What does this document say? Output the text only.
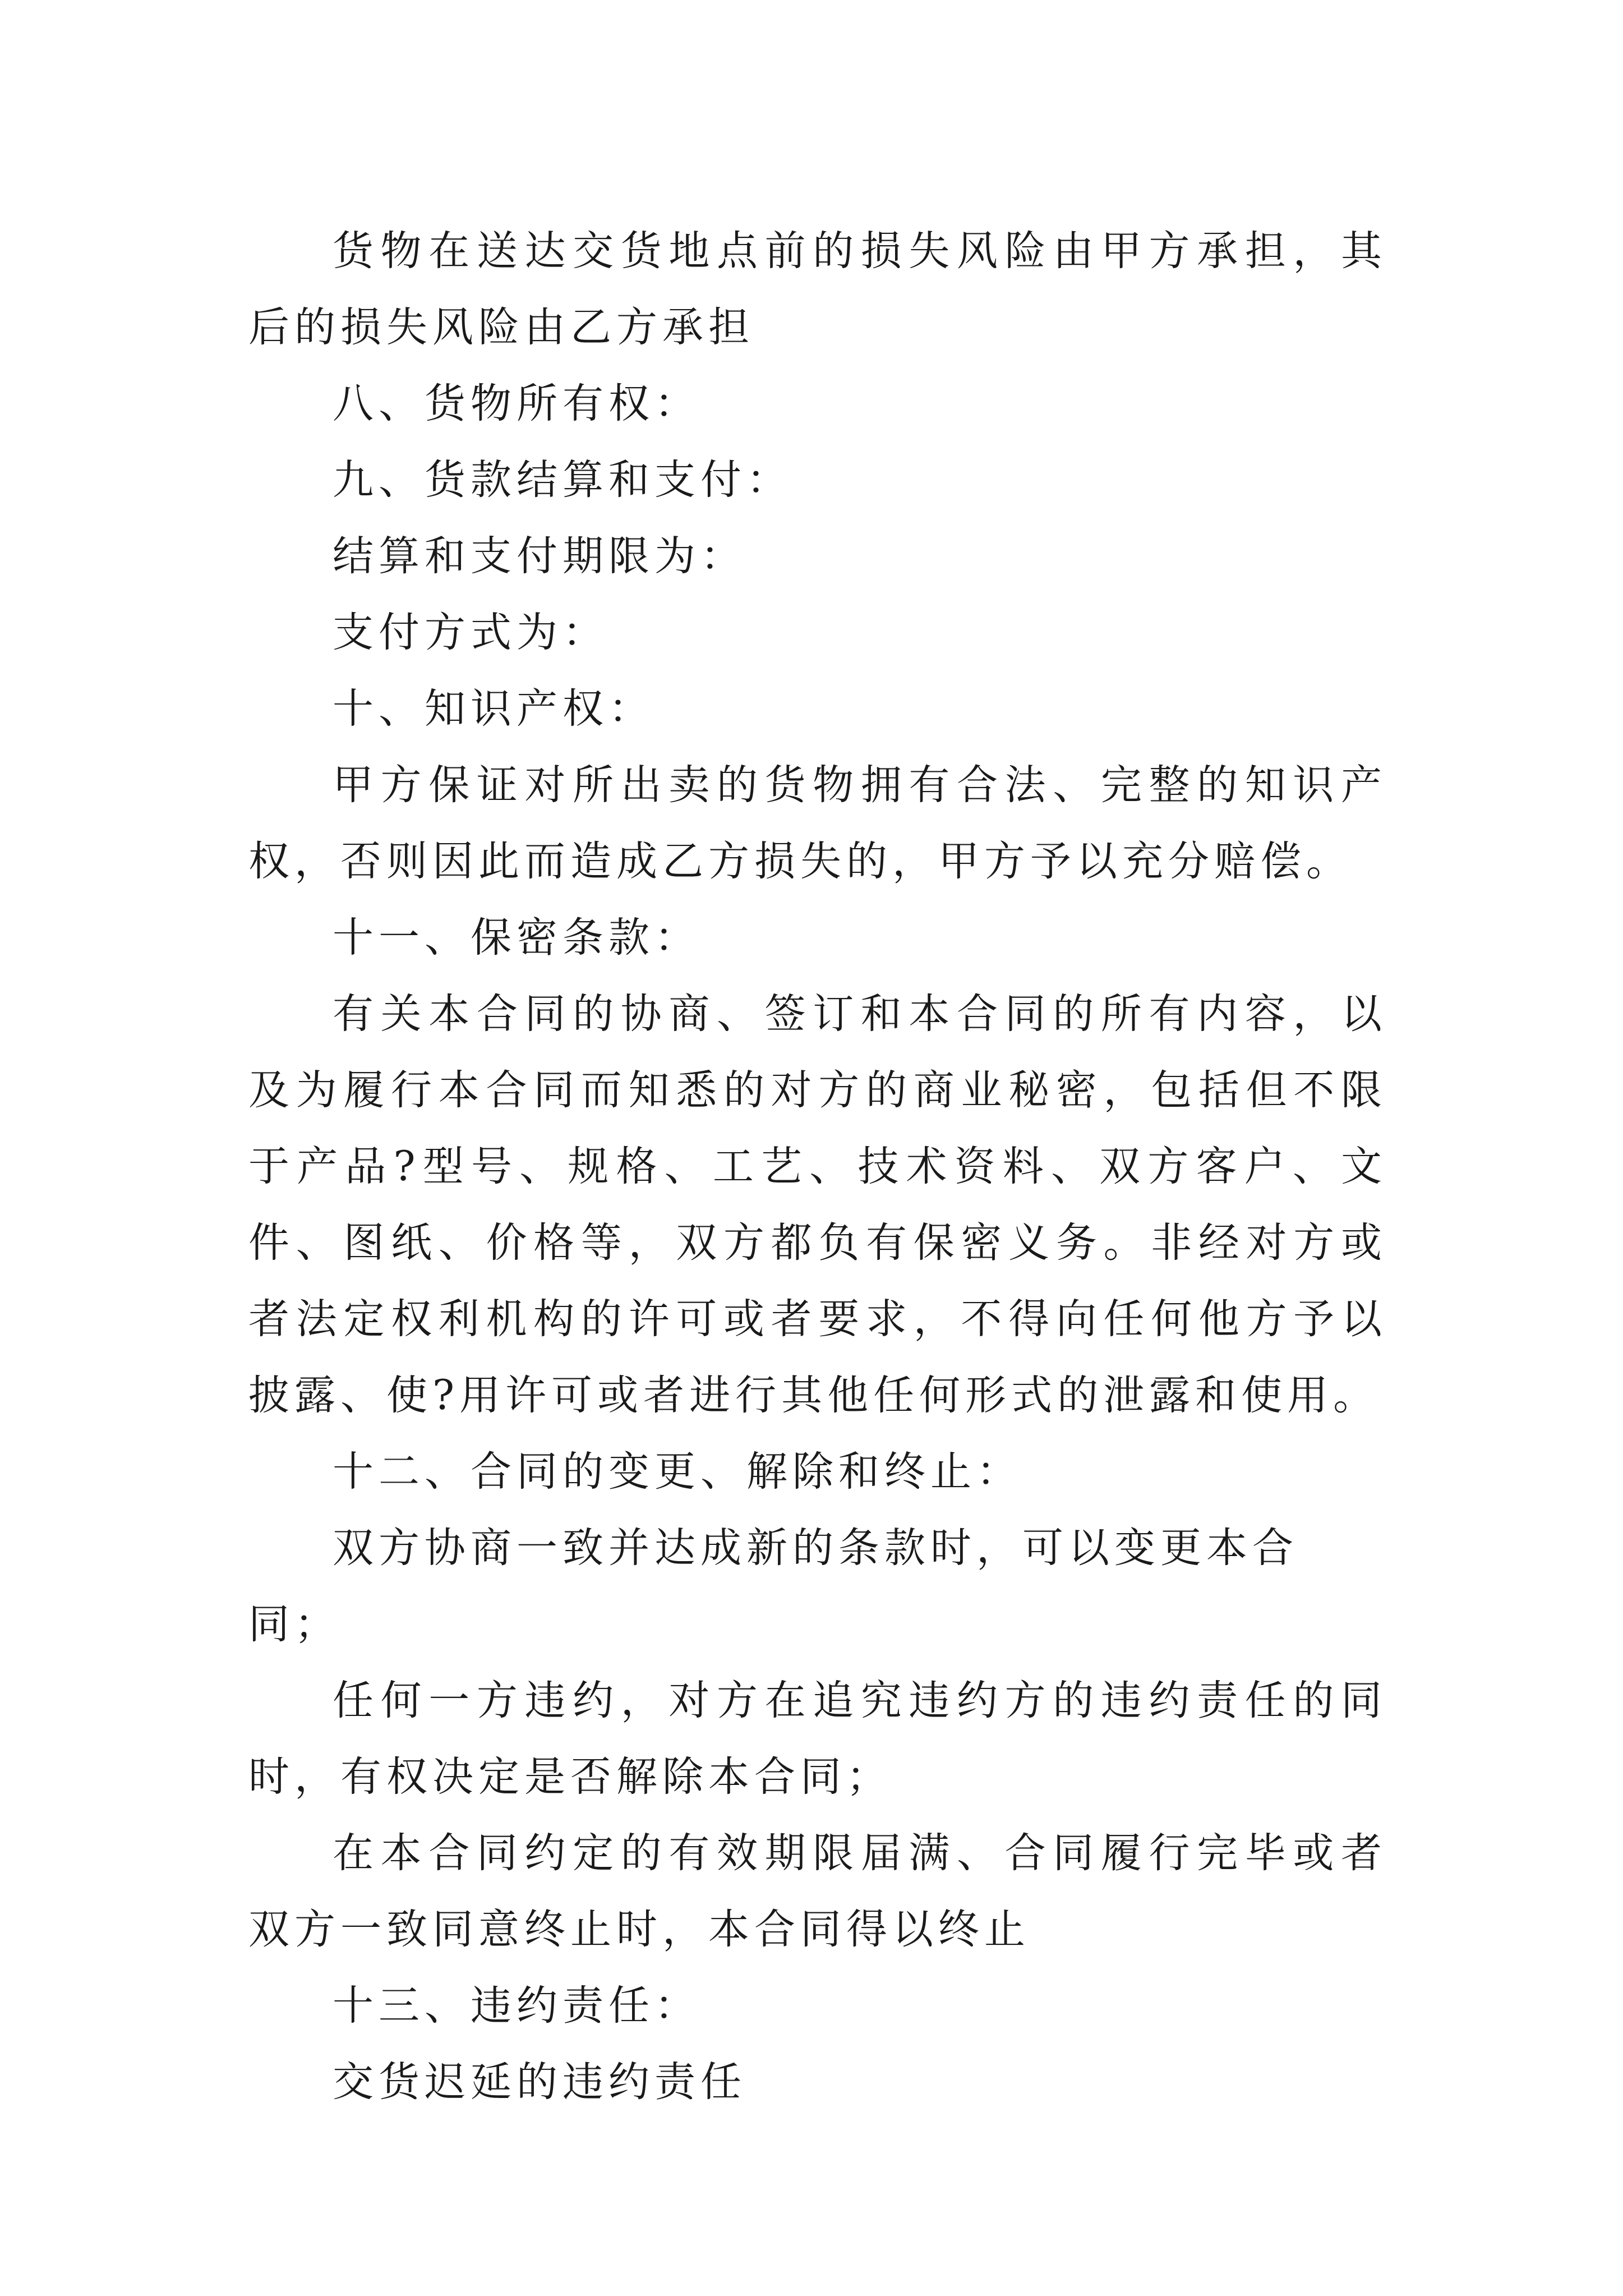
货物在送达交货地点前的损失风险由甲方承担，其后的损失风险由乙方承担

八、货物所有权：

九、货款结算和支付：

结算和支付期限为：

支付方式为：

十、知识产权：

甲方保证对所出卖的货物拥有合法、完整的知识产权，否则因此而造成乙方损失的，甲方予以充分赔偿。

十一、保密条款：

有关本合同的协商、签订和本合同的所有内容，以及为履行本合同而知悉的对方的商业秘密，包括但不限于产品?型号、规格、工艺、技术资料、双方客户、文件、图纸、价格等，双方都负有保密义务。非经对方或者法定权利机构的许可或者要求，不得向任何他方予以披露、使?用许可或者进行其他任何形式的泄露和使用。

十二、合同的变更、解除和终止：

双方协商一致并达成新的条款时，可以变更本合同；

任何一方违约，对方在追究违约方的违约责任的同时，有权决定是否解除本合同；

在本合同约定的有效期限届满、合同履行完毕或者双方一致同意终止时，本合同得以终止

十三、违约责任：

交货迟延的违约责任
